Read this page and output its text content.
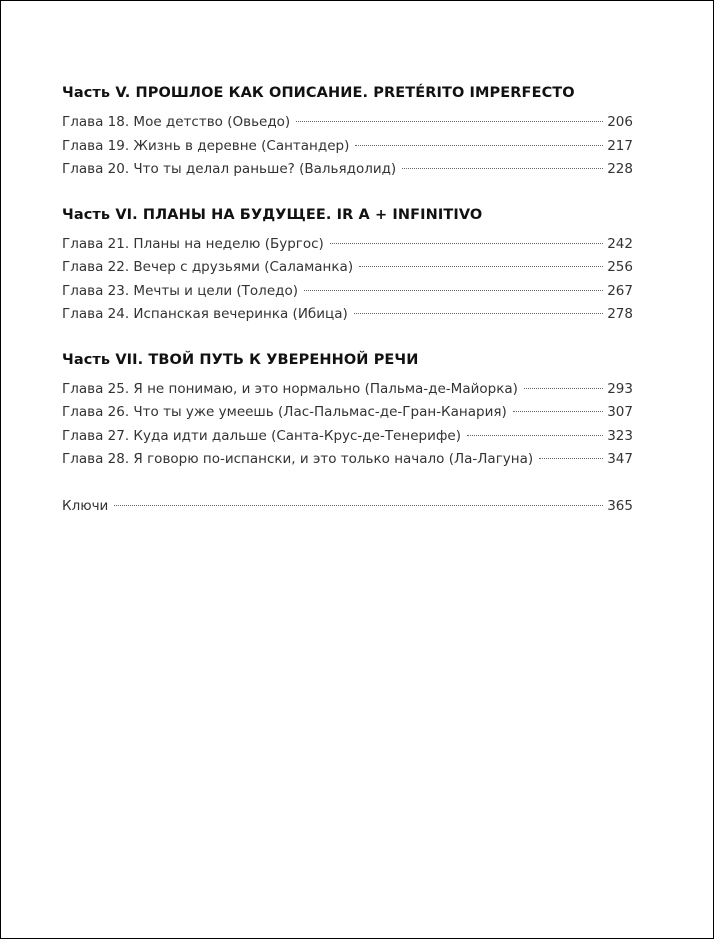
Часть V. ПРОШЛОЕ КАК ОПИСАНИЕ. PRETÉRITO IMPERFECTO
Глава 18. Мое детство (Овьедо)	206
Глава 19. Жизнь в деревне (Сантандер)	217
Глава 20. Что ты делал раньше? (Вальядолид)	228
Часть VI. ПЛАНЫ НА БУДУЩЕЕ. IR A + INFINITIVO
Глава 21. Планы на неделю (Бургос)	242
Глава 22. Вечер с друзьями (Саламанка)	256
Глава 23. Мечты и цели (Толедо)	267
Глава 24. Испанская вечеринка (Ибица)	278
Часть VII. ТВОЙ ПУТЬ К УВЕРЕННОЙ РЕЧИ
Глава 25. Я не понимаю, и это нормально (Пальма-де-Майорка)	293
Глава 26. Что ты уже умеешь (Лас-Пальмас-де-Гран-Канария)	307
Глава 27. Куда идти дальше (Санта-Крус-де-Тенерифе)	323
Глава 28. Я говорю по-испански, и это только начало (Ла-Лагуна)	347
Ключи	365
